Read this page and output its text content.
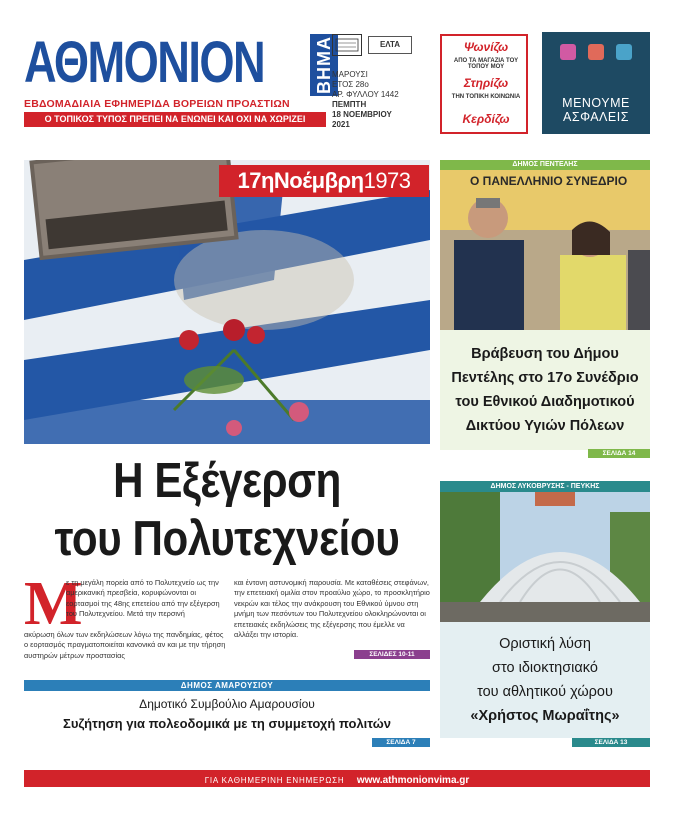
ΑΘΜΟΝΙΟΝ	ΒΗΜΑ
ΕΒΔΟΜΑΔΙΑΙΑ ΕΦΗΜΕΡΙΔΑ ΒΟΡΕΙΩΝ ΠΡΟΑΣΤΙΩΝ
Ο ΤΟΠΙΚΟΣ ΤΥΠΟΣ ΠΡΕΠΕΙ ΝΑ ΕΝΩΝΕΙ ΚΑΙ ΟΧΙ ΝΑ ΧΩΡΙΖΕΙ
ΕΛΤΑ
ΜΑΡΟΥΣΙ
ΕΤΟΣ 28ο
ΑΡ. ΦΥΛΛΟΥ 1442
ΠΕΜΠΤΗ
18 ΝΟΕΜΒΡΙΟΥ
2021
Ψωνίζω
ΑΠΟ ΤΑ ΜΑΓΑΖΙΑ ΤΟΥ ΤΟΠΟΥ ΜΟΥ
Στηρίζω
ΤΗΝ ΤΟΠΙΚΗ ΚΟΙΝΩΝΙΑ
Κερδίζω
ΜΕΝΟΥΜΕ
ΑΣΦΑΛΕΙΣ
17ηΝοέμβρη1973
Η Εξέγερση
του Πολυτεχνείου
Μ
ε τη μεγάλη πορεία από το Πολυτεχνείο ως την αμερικανική πρεσβεία, κορυφώνονται οι εορτασμοί της 48ης επετείου από την εξέγερση του Πολυτεχνείου. Μετά την περσινή
ακύρωση όλων των εκδηλώσεων λόγω της πανδημίας, φέτος ο εορτασμός πραγματοποιείται κανονικά αν και με την τήρηση αυστηρών μέτρων προστασίας
και έντονη αστυνομική παρουσία. Με καταθέσεις στεφάνων, την επετειακή ομιλία στον προαύλιο χώρο, το προσκλητήριο νεκρών και τέλος την ανάκρουση του Εθνικού ύμνου στη μνήμη των πεσόντων του Πολυτεχνείου ολοκληρώνονται οι επετειακές εκδηλώσεις της εξέγερσης που έμελλε να αλλάξει την ιστορία.
ΣΕΛΙΔΕΣ 10-11
ΔΗΜΟΣ ΑΜΑΡΟΥΣΙΟΥ
Δημοτικό Συμβούλιο Αμαρουσίου
Συζήτηση για πολεοδομικά με τη συμμετοχή πολιτών
ΣΕΛΙΔΑ 7
ΔΗΜΟΣ ΠΕΝΤΕΛΗΣ
Ο ΠΑΝΕΛΛΗΝΙΟ ΣΥΝΕΔΡΙΟ
Βράβευση του Δήμου
Πεντέλης στο 17ο Συνέδριο
του Εθνικού Διαδημοτικού
Δικτύου Υγιών Πόλεων
ΣΕΛΙΔΑ 14
ΔΗΜΟΣ ΛΥΚΟΒΡΥΣΗΣ - ΠΕΥΚΗΣ
Οριστική λύση
στο ιδιοκτησιακό
του αθλητικού χώρου
«Χρήστος Μωραΐτης»
ΣΕΛΙΔΑ 13
ΓΙΑ ΚΑΘΗΜΕΡΙΝΗ ΕΝΗΜΕΡΩΣΗ www.athmonionvima.gr
